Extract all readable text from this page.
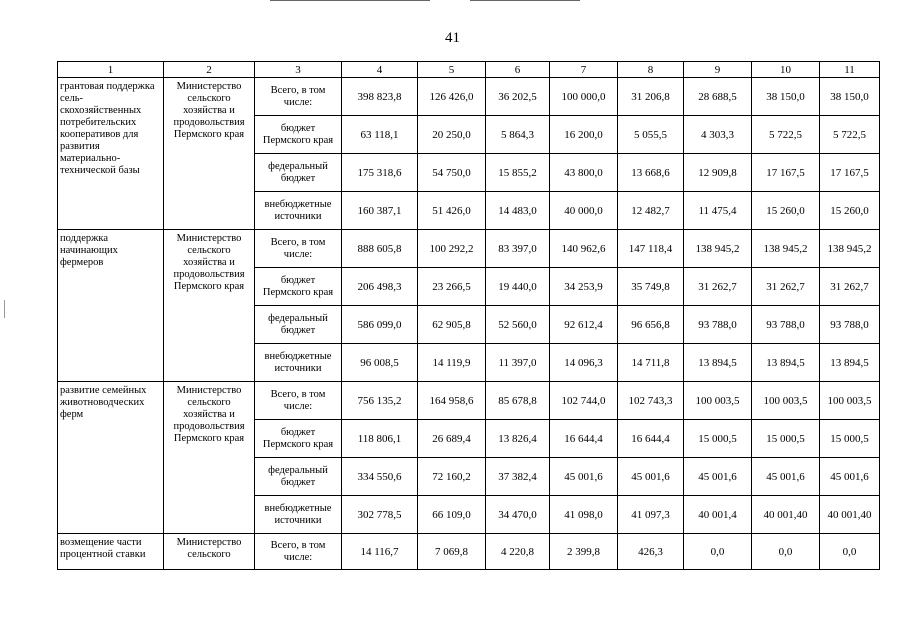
41
1	2	3	4	5	6	7	8	9	10	11
грантовая поддержка сель-скохозяйственных потребительских кооперативов для развития материально-технической базы	Министерство сельского хозяйства и продовольствия Пермского края	Всего, в том числе:	398 823,8	126 426,0	36 202,5	100 000,0	31 206,8	28 688,5	38 150,0	38 150,0
		бюджет Пермского края	63 118,1	20 250,0	5 864,3	16 200,0	5 055,5	4 303,3	5 722,5	5 722,5
		федеральный бюджет	175 318,6	54 750,0	15 855,2	43 800,0	13 668,6	12 909,8	17 167,5	17 167,5
		внебюджетные источники	160 387,1	51 426,0	14 483,0	40 000,0	12 482,7	11 475,4	15 260,0	15 260,0
поддержка начинающих фермеров	Министерство сельского хозяйства и продовольствия Пермского края	Всего, в том числе:	888 605,8	100 292,2	83 397,0	140 962,6	147 118,4	138 945,2	138 945,2	138 945,2
		бюджет Пермского края	206 498,3	23 266,5	19 440,0	34 253,9	35 749,8	31 262,7	31 262,7	31 262,7
		федеральный бюджет	586 099,0	62 905,8	52 560,0	92 612,4	96 656,8	93 788,0	93 788,0	93 788,0
		внебюджетные источники	96 008,5	14 119,9	11 397,0	14 096,3	14 711,8	13 894,5	13 894,5	13 894,5
развитие семейных животноводческих ферм	Министерство сельского хозяйства и продовольствия Пермского края	Всего, в том числе:	756 135,2	164 958,6	85 678,8	102 744,0	102 743,3	100 003,5	100 003,5	100 003,5
		бюджет Пермского края	118 806,1	26 689,4	13 826,4	16 644,4	16 644,4	15 000,5	15 000,5	15 000,5
		федеральный бюджет	334 550,6	72 160,2	37 382,4	45 001,6	45 001,6	45 001,6	45 001,6	45 001,6
		внебюджетные источники	302 778,5	66 109,0	34 470,0	41 098,0	41 097,3	40 001,4	40 001,40	40 001,40
возмещение части процентной ставки	Министерство сельского	Всего, в том числе:	14 116,7	7 069,8	4 220,8	2 399,8	426,3	0,0	0,0	0,0
